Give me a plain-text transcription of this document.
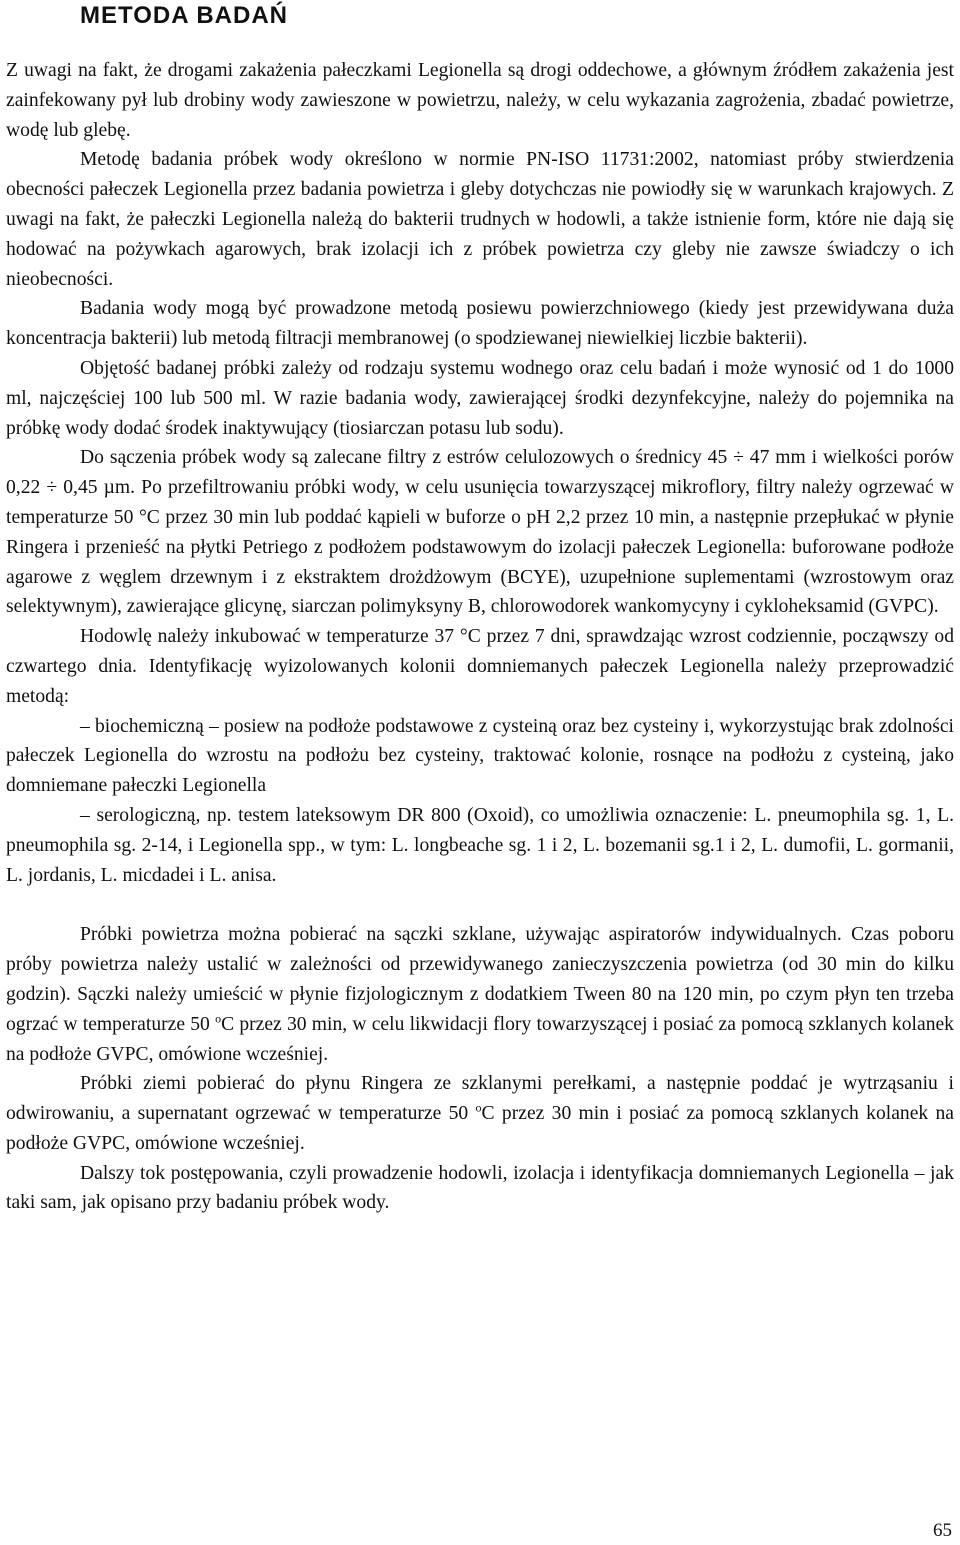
METODA BADAŃ

Z uwagi na fakt, że drogami zakażenia pałeczkami Legionella są drogi oddechowe, a głównym źródłem zakażenia jest zainfekowany pył lub drobiny wody zawieszone w powietrzu, należy, w celu wykazania zagrożenia, zbadać powietrze, wodę lub glebę.

Metodę badania próbek wody określono w normie PN-ISO 11731:2002, natomiast próby stwierdzenia obecności pałeczek Legionella przez badania powietrza i gleby dotychczas nie powiodły się w warunkach krajowych. Z uwagi na fakt, że pałeczki Legionella należą do bakterii trudnych w hodowli, a także istnienie form, które nie dają się hodować na pożywkach agarowych, brak izolacji ich z próbek powietrza czy gleby nie zawsze świadczy o ich nieobecności.

Badania wody mogą być prowadzone metodą posiewu powierzchniowego (kiedy jest przewidywana duża koncentracja bakterii) lub metodą filtracji membranowej (o spodziewanej niewielkiej liczbie bakterii).

Objętość badanej próbki zależy od rodzaju systemu wodnego oraz celu badań i może wynosić od 1 do 1000 ml, najczęściej 100 lub 500 ml. W razie badania wody, zawierającej środki dezynfekcyjne, należy do pojemnika na próbkę wody dodać środek inaktywujący (tiosiarczan potasu lub sodu).

Do sączenia próbek wody są zalecane filtry z estrów celulozowych o średnicy 45 ÷ 47 mm i wielkości porów 0,22 ÷ 0,45 µm. Po przefiltrowaniu próbki wody, w celu usunięcia towarzyszącej mikroflory, filtry należy ogrzewać w temperaturze 50 °C przez 30 min lub poddać kąpieli w buforze o pH 2,2 przez 10 min, a następnie przepłukać w płynie Ringera i przenieść na płytki Petriego z podłożem podstawowym do izolacji pałeczek Legionella: buforowane podłoże agarowe z węglem drzewnym i z ekstraktem drożdżowym (BCYE), uzupełnione suplementami (wzrostowym oraz selektywnym), zawierające glicynę, siarczan polimyksyny B, chlorowodorek wankomycyny i cykloheksamid (GVPC).

Hodowlę należy inkubować w temperaturze 37 °C przez 7 dni, sprawdzając wzrost codziennie, począwszy od czwartego dnia. Identyfikację wyizolowanych kolonii domniemanych pałeczek Legionella należy przeprowadzić metodą:

– biochemiczną – posiew na podłoże podstawowe z cysteiną oraz bez cysteiny i, wykorzystując brak zdolności pałeczek Legionella do wzrostu na podłożu bez cysteiny, traktować kolonie, rosnące na podłożu z cysteiną, jako domniemane pałeczki Legionella

– serologiczną, np. testem lateksowym DR 800 (Oxoid), co umożliwia oznaczenie: L. pneumophila sg. 1, L. pneumophila sg. 2-14, i Legionella spp., w tym: L. longbeache sg. 1 i 2, L. bozemanii sg.1 i 2, L. dumofii, L. gormanii, L. jordanis, L. micdadei i L. anisa.

Próbki powietrza można pobierać na sączki szklane, używając aspiratorów indywidualnych. Czas poboru próby powietrza należy ustalić w zależności od przewidywanego zanieczyszczenia powietrza (od 30 min do kilku godzin). Sączki należy umieścić w płynie fizjologicznym z dodatkiem Tween 80 na 120 min, po czym płyn ten trzeba ogrzać w temperaturze 50 $^o$C przez 30 min, w celu likwidacji flory towarzyszącej i posiać za pomocą szklanych kolanek na podłoże GVPC, omówione wcześniej.

Próbki ziemi pobierać do płynu Ringera ze szklanymi perełkami, a następnie poddać je wytrząsaniu i odwirowaniu, a supernatant ogrzewać w temperaturze 50 $^o$C przez 30 min i posiać za pomocą szklanych kolanek na podłoże GVPC, omówione wcześniej.

Dalszy tok postępowania, czyli prowadzenie hodowli, izolacja i identyfikacja domniemanych Legionella – jak taki sam, jak opisano przy badaniu próbek wody.

65
